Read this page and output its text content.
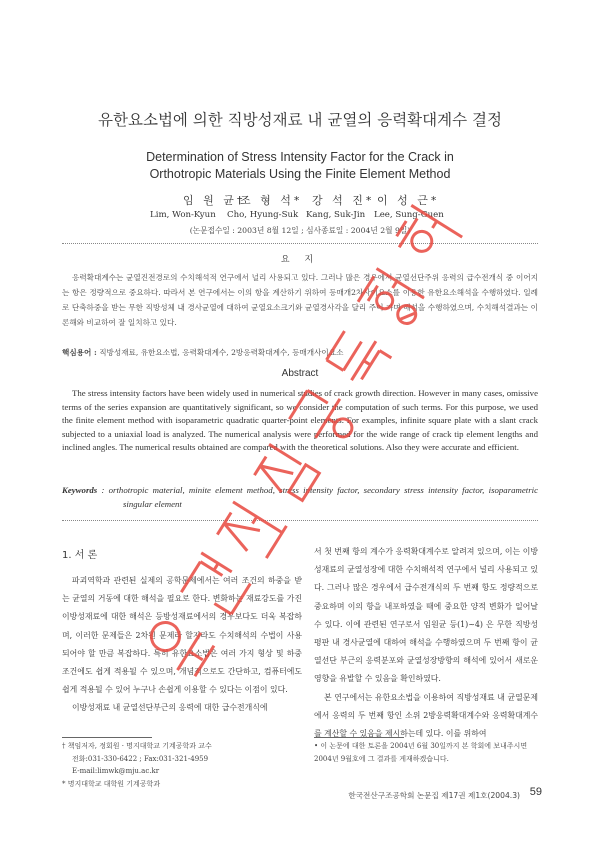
유한요소법에 의한 직방성재료 내 균열의 응력확대계수 결정
Determination of Stress Intensity Factor for the Crack in
Orthotropic Materials Using the Finite Element Method
임 원 균†
조 형 석* 강 석 진* 이 성 근*
Lim, Won-Kyun Cho, Hyung-Suk Kang, Suk-Jin Lee, Sung-Guen
(논문접수일 : 2003년 8월 12일 ; 심사종료일 : 2004년 2월 9일)
요 지

응력확대계수는 균열진전경로의 수치해석적 연구에서 널리 사용되고 있다. 그러나 많은 경우에서 균열선단주위 응력의 급수전개식 중 이어지는 항은 정량적으로 중요하다. 따라서 본 연구에서는 이의 항을 계산하기 위하여 등매개2차사이요소를 이용한 유한요소해석을 수행하였다. 일례로 단축하중을 받는 무한 직방성체 내 경사균열에 대하여 균열요소크기와 균열경사각을 달리 주어 가며 해석을 수행하였으며, 수치해석결과는 이론해와 비교하여 잘 일치하고 있다.

핵심용어 : 직방성재료, 유한요소법, 응력확대계수, 2방응력확대계수, 등매개사이요소
Abstract

The stress intensity factors have been widely used in numerical studies of crack growth direction. However in many cases, omissive terms of the series expansion are quantitatively significant, so we consider the computation of such terms. For this purpose, we used the finite element method with isoparametric quadratic quarter-point elements. For examples, infinite square plate with a slant crack subjected to a uniaxial load is analyzed. The numerical analysis were performed for the wide range of crack tip element lengths and inclined angles. The numerical results obtained are compared with the theoretical solutions. Also they were accurate and efficient.

Keywords : orthotropic material, minite element method, stress intensity factor, secondary stress intensity factor, isoparametric singular element
1. 서 론

파괴역학과 관련된 실제의 공학문제에서는 여러 조건의 하중을 받는 균열의 거동에 대한 해석을 필요로 한다. 변화하는 재료강도를 가진 이방성재료에 대한 해석은 등방성재료에서의 경우보다도 더욱 복잡하며, 이러한 문제들은 2차원 문제라 할지라도 수치해석의 수법이 사용되어야 할 만큼 복잡하다. 특히 유한요소법은 여러 가지 형상 및 하중조건에도 쉽게 적용될 수 있으며, 개념적으로도 간단하고, 컴퓨터에도 쉽게 적용될 수 있어 누구나 손쉽게 이용할 수 있다는 이점이 있다.

이방성재료 내 균열선단부근의 응력에 대한 급수전개식에

서 첫 번째 항의 계수가 응력확대계수로 알려져 있으며, 이는 이방성재료의 균열성장에 대한 수치해석적 연구에서 널리 사용되고 있다. 그러나 많은 경우에서 급수전개식의 두 번째 항도 정량적으로 중요하며 이의 항을 내포하였을 때에 중요한 양적 변화가 일어날 수 있다. 이에 관련된 연구로서 임원균 등(1)~4) 은 무한 직방성 평판 내 경사균열에 대하여 해석을 수행하였으며 두 번째 항이 균열선단 부근의 응력분포와 균열성장방향의 해석에 있어서 새로운 영향을 유발할 수 있음을 확인하였다.

본 연구에서는 유한요소법을 이용하여 직방성재료 내 균열문제에서 응력의 두 번째 항인 소위 2방응력확대계수와 응력확대계수를 계산할 수 있음을 제시하는데 있다. 이를 위하여

† 책임저자, 정회원 · 명지대학교 기계공학과 교수
전화:031-330-6422 ; Fax:031-321-4959
E-mail:limwk@mju.ac.kr
* 명지대학교 대학원 기계공학과
• 이 논문에 대한 토론을 2004년 6월 30일까지 본 학회에 보내주시면 2004년 9월호에 그 결과를 게재하겠습니다.
한국전산구조공학회 논문집 제17권 제1호(2004.3) 59
